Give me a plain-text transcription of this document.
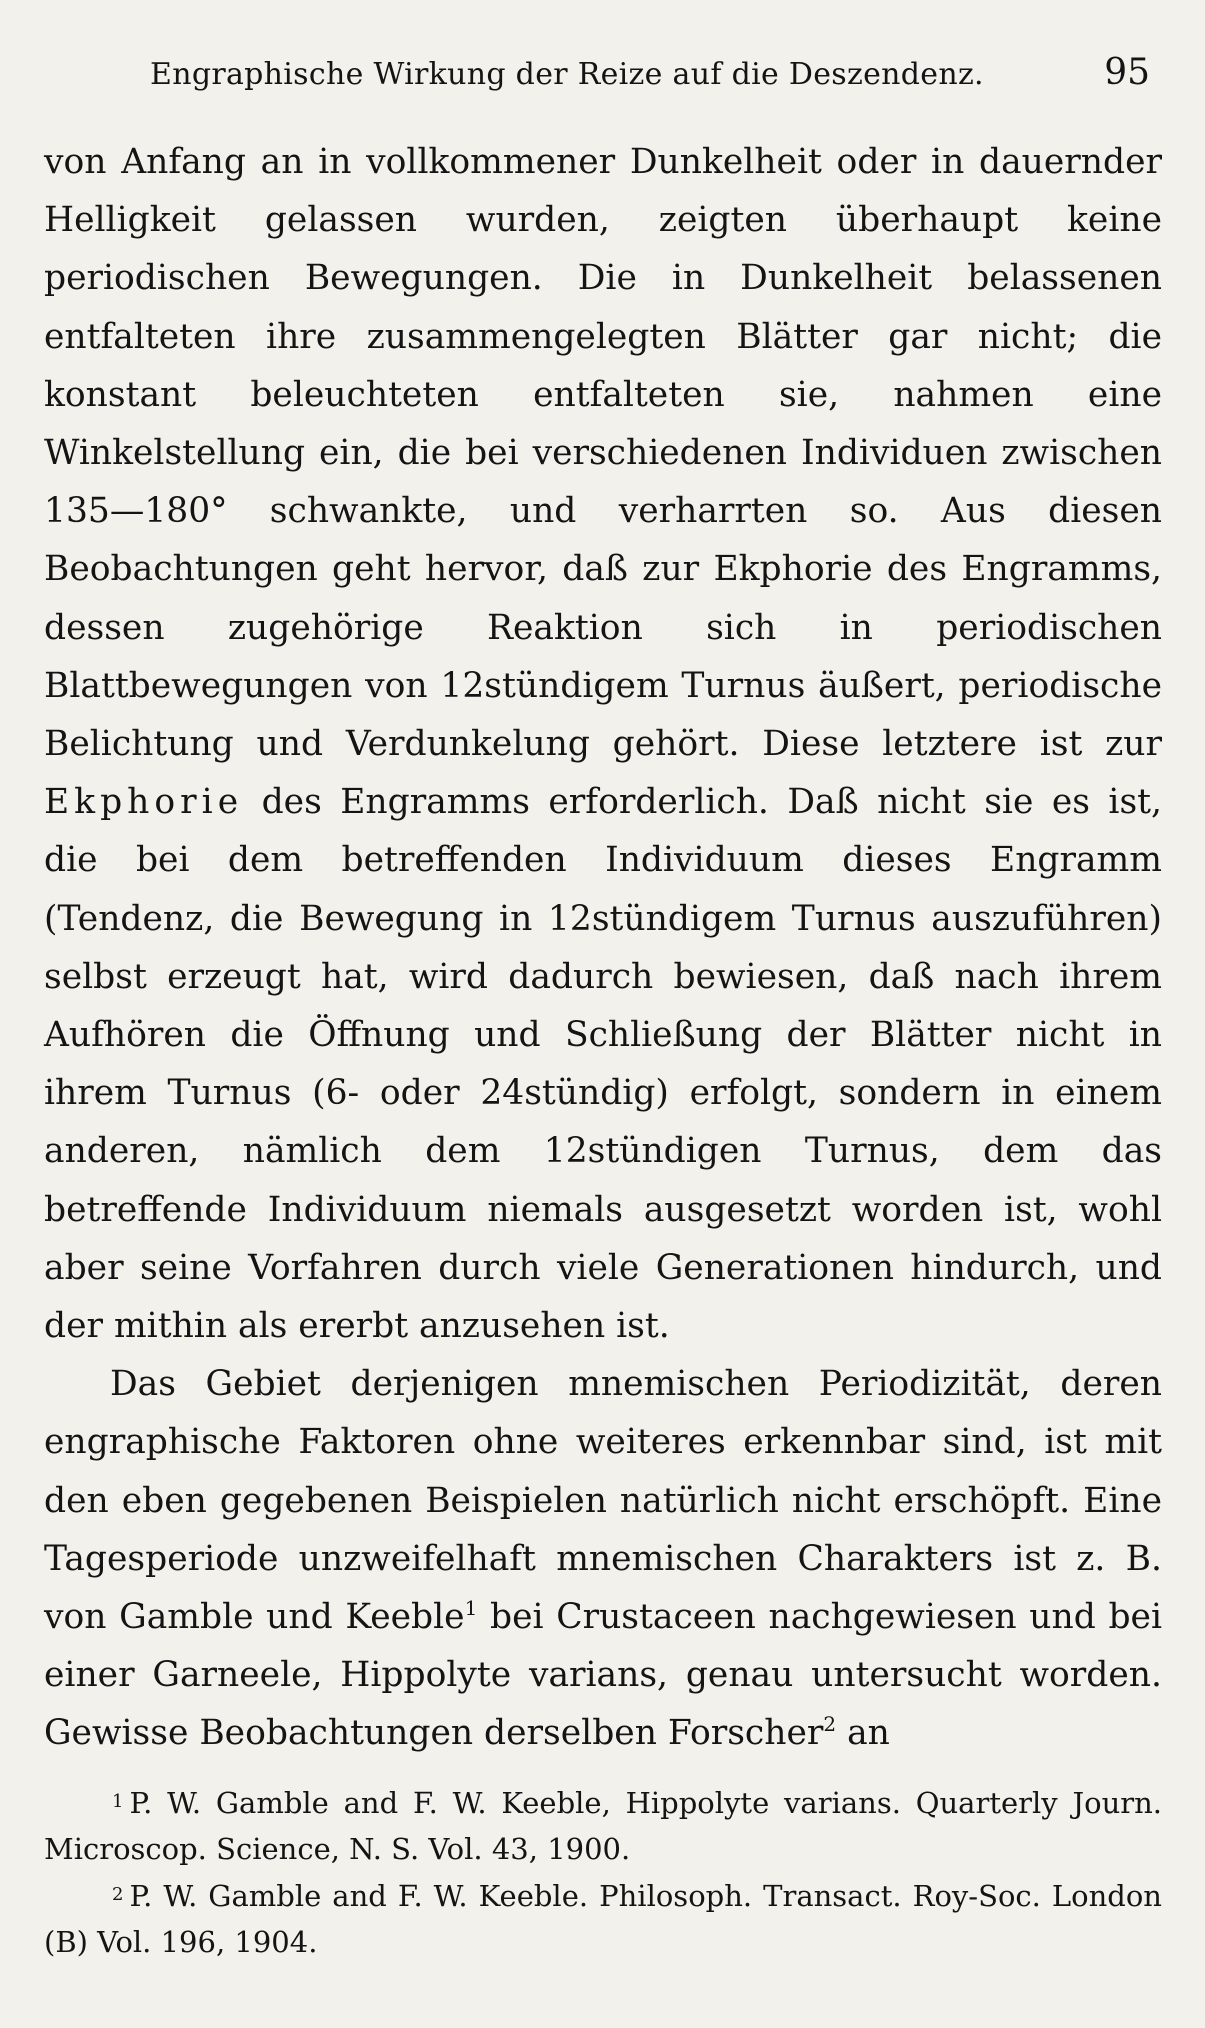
Engraphische Wirkung der Reize auf die Deszendenz.	95

von Anfang an in vollkommener Dunkelheit oder in dauernder Helligkeit gelassen wurden, zeigten überhaupt keine periodischen Bewegungen. Die in Dunkelheit belassenen entfalteten ihre zusammengelegten Blätter gar nicht; die konstant beleuchteten entfalteten sie, nahmen eine Winkelstellung ein, die bei verschiedenen Individuen zwischen 135—180° schwankte, und verharrten so. Aus diesen Beobachtungen geht hervor, daß zur Ekphorie des Engramms, dessen zugehörige Reaktion sich in periodischen Blattbewegungen von 12stündigem Turnus äußert, periodische Belichtung und Verdunkelung gehört. Diese letztere ist zur Ekphorie des Engramms erforderlich. Daß nicht sie es ist, die bei dem betreffenden Individuum dieses Engramm (Tendenz, die Bewegung in 12stündigem Turnus auszuführen) selbst erzeugt hat, wird dadurch bewiesen, daß nach ihrem Aufhören die Öffnung und Schließung der Blätter nicht in ihrem Turnus (6- oder 24stündig) erfolgt, sondern in einem anderen, nämlich dem 12stündigen Turnus, dem das betreffende Individuum niemals ausgesetzt worden ist, wohl aber seine Vorfahren durch viele Generationen hindurch, und der mithin als ererbt anzusehen ist.

Das Gebiet derjenigen mnemischen Periodizität, deren engraphische Faktoren ohne weiteres erkennbar sind, ist mit den eben gegebenen Beispielen natürlich nicht erschöpft. Eine Tagesperiode unzweifelhaft mnemischen Charakters ist z. B. von Gamble und Keeble$^1$ bei Crustaceen nachgewiesen und bei einer Garneele, Hippolyte varians, genau untersucht worden. Gewisse Beobachtungen derselben Forscher$^2$ an

$^1$ P. W. Gamble and F. W. Keeble, Hippolyte varians. Quarterly Journ. Microscop. Science, N. S. Vol. 43, 1900.

$^2$ P. W. Gamble and F. W. Keeble. Philosoph. Transact. Roy-Soc. London (B) Vol. 196, 1904.
